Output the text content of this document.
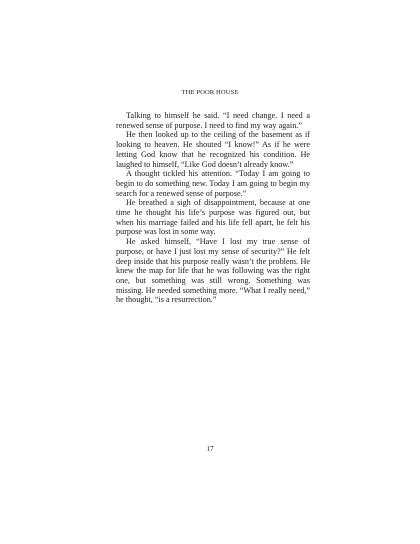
THE POOR HOUSE

Talking to himself he said. “I need change. I need a renewed sense of purpose. I need to find my way again.”

He then looked up to the ceiling of the basement as if looking to heaven. He shouted “I know!” As if he were letting God know that he recognized his condition. He laughed to himself, “Like God doesn’t already know.”

A thought tickled his attention. “Today I am going to begin to do something new. Today I am going to begin my search for a renewed sense of purpose.”

He breathed a sigh of disappointment, because at one time he thought his life’s purpose was figured out, but when his marriage failed and his life fell apart, he felt his purpose was lost in some way.

He asked himself, “Have I lost my true sense of purpose, or have I just lost my sense of security?” He felt deep inside that his purpose really wasn’t the problem. He knew the map for life that he was following was the right one, but something was still wrong. Something was missing. He needed something more. “What I really need,” he thought, “is a resurrection.”

17
